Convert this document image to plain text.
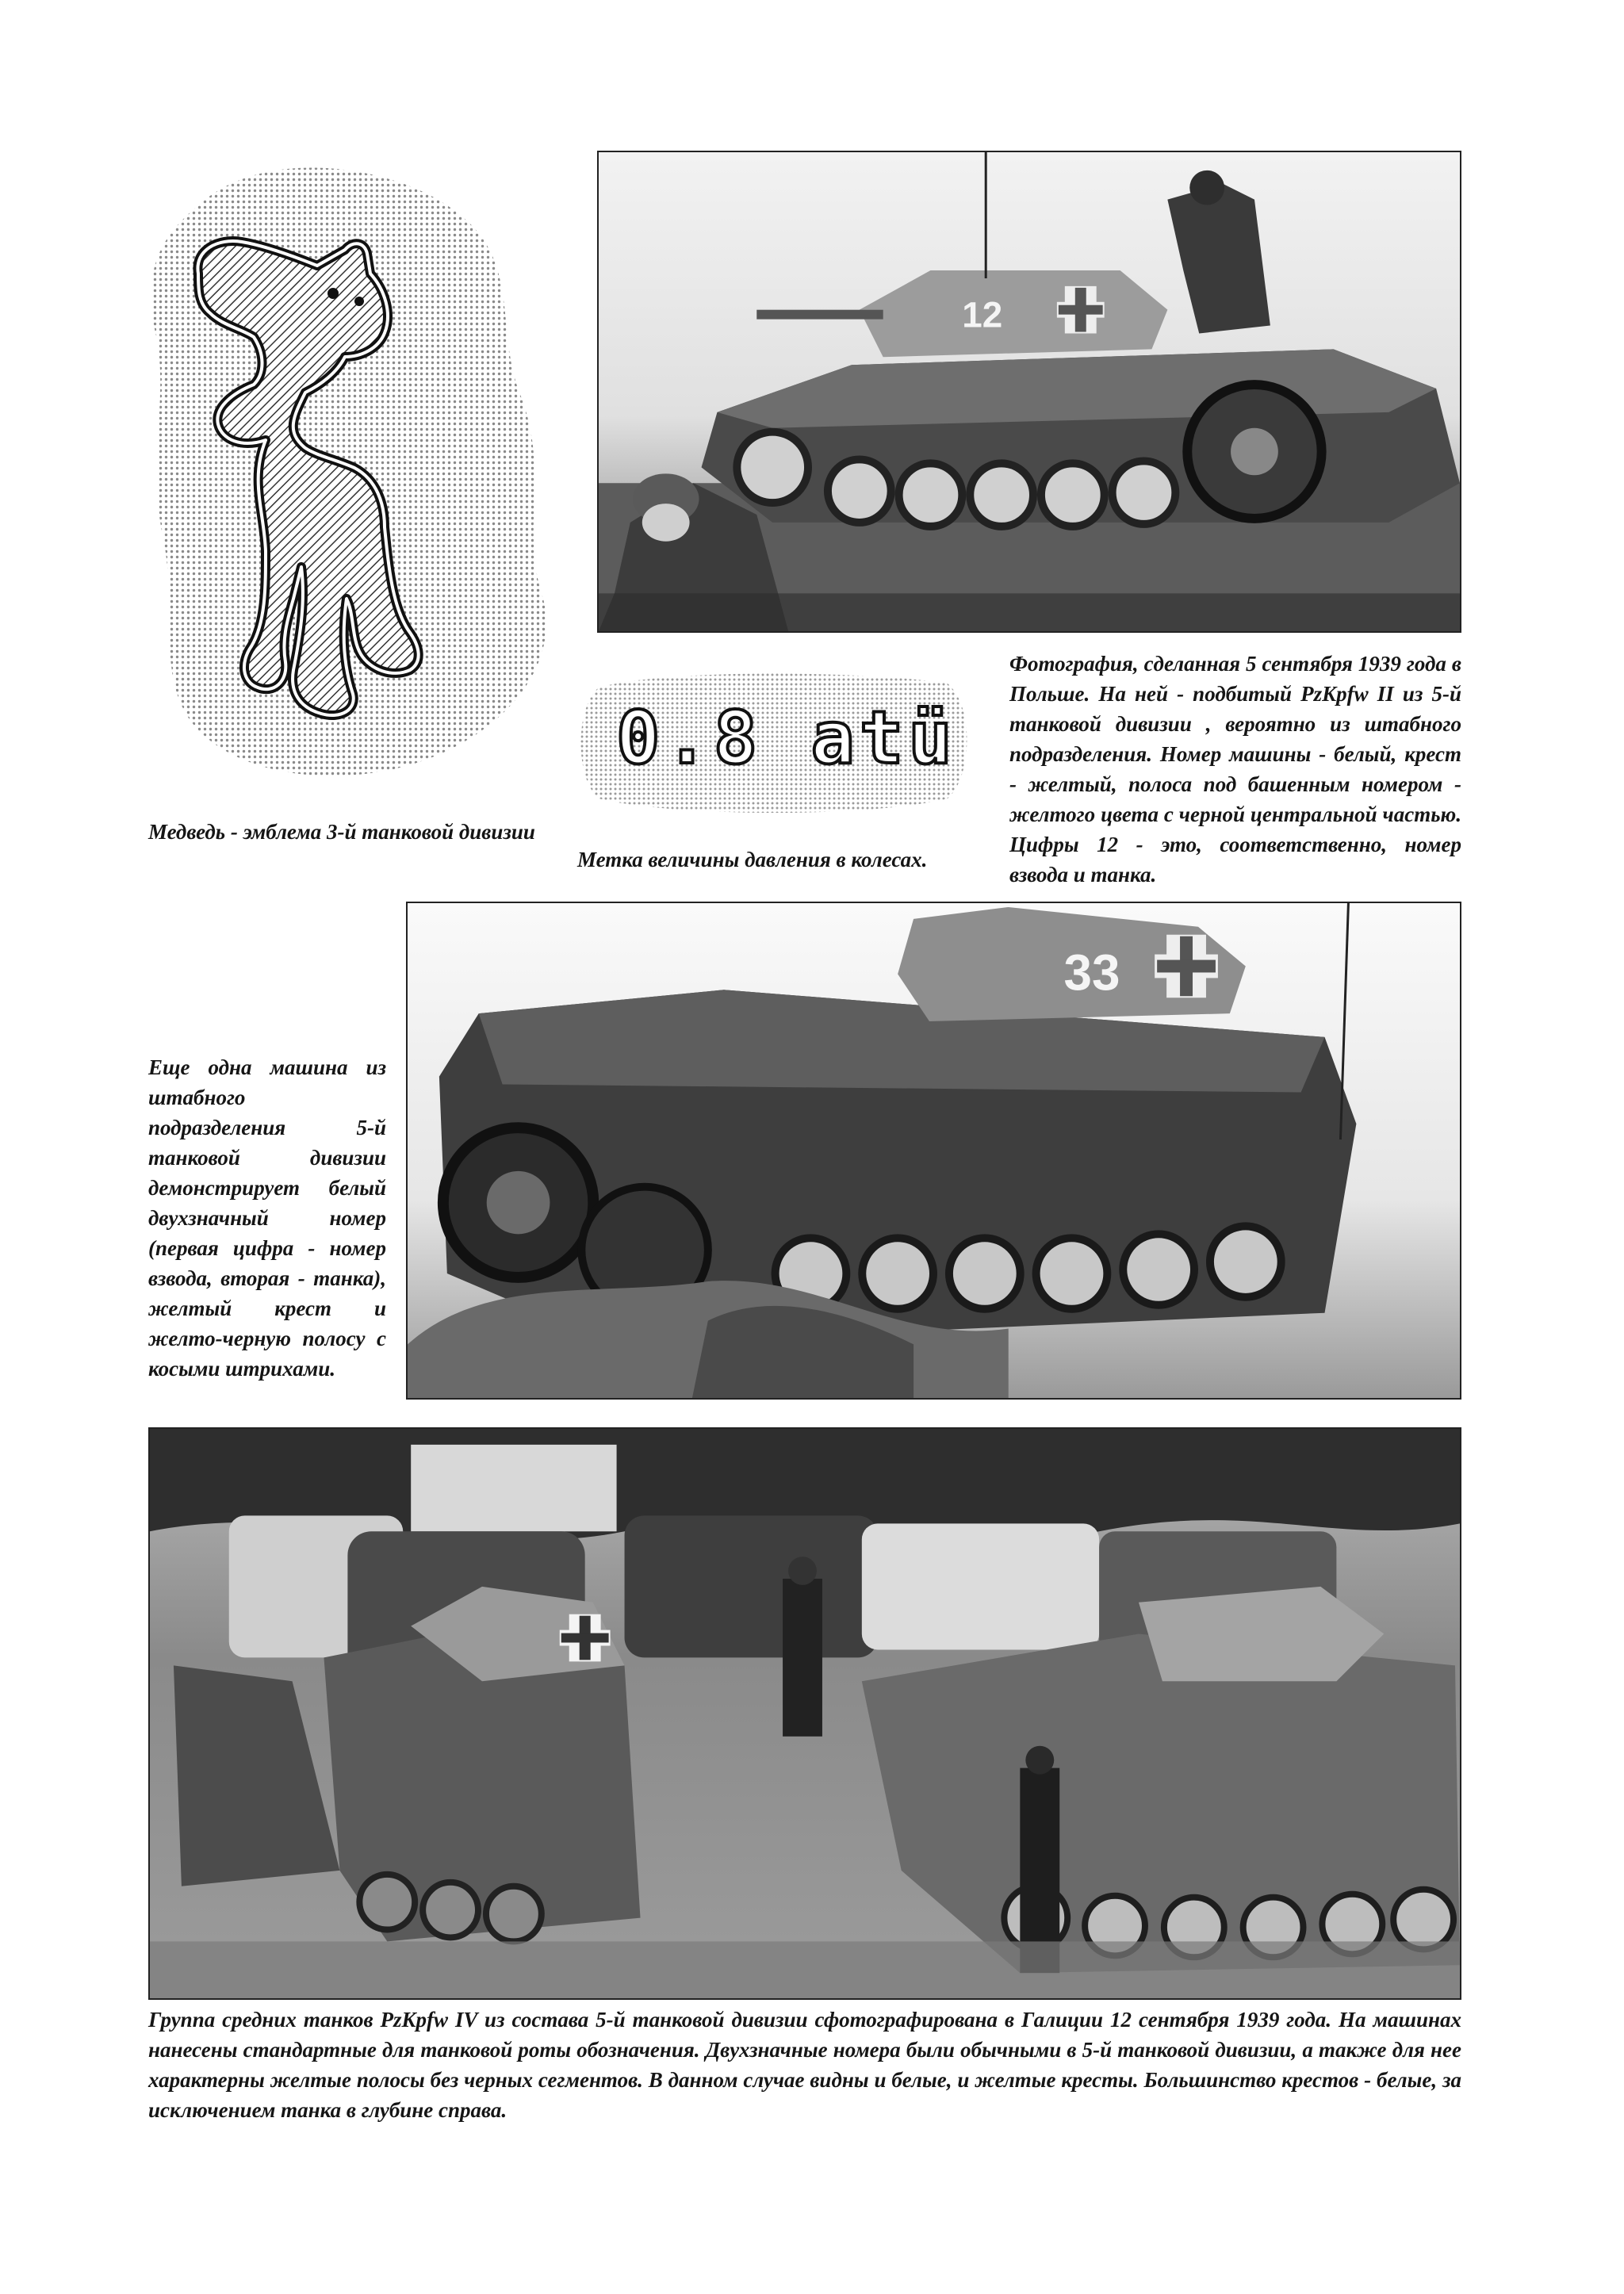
Медведь - эмблема 3-й танковой дивизии
12
0.8 atü
Метка величины давления в колесах.
Фотография, сделанная 5 сентября 1939 года в Польше. На ней - подбитый PzKpfw II из 5-й танковой дивизии , вероятно из штабного подразделения. Номер машины - белый, крест - желтый, полоса под башенным номером - желтого цвета с черной центральной частью. Цифры 12 - это, соответственно, номер взвода и танка.
33
Еще одна машина из штабного подразделения 5-й танковой дивизии демонстрирует белый двухзначный номер (первая цифра - номер взвода, вторая - танка), желтый крест и желто-черную полосу с косыми штрихами.
Группа средних танков PzKpfw IV из состава 5-й танковой дивизии сфотографирована в Галиции 12 сентября 1939 года. На машинах нанесены стандартные для танковой роты обозначения. Двухзначные номера были обычными в 5-й танковой дивизии, а также для нее характерны желтые полосы без черных сегментов. В данном случае видны и белые, и желтые кресты. Большинство крестов - белые, за исключением танка в глубине справа.
